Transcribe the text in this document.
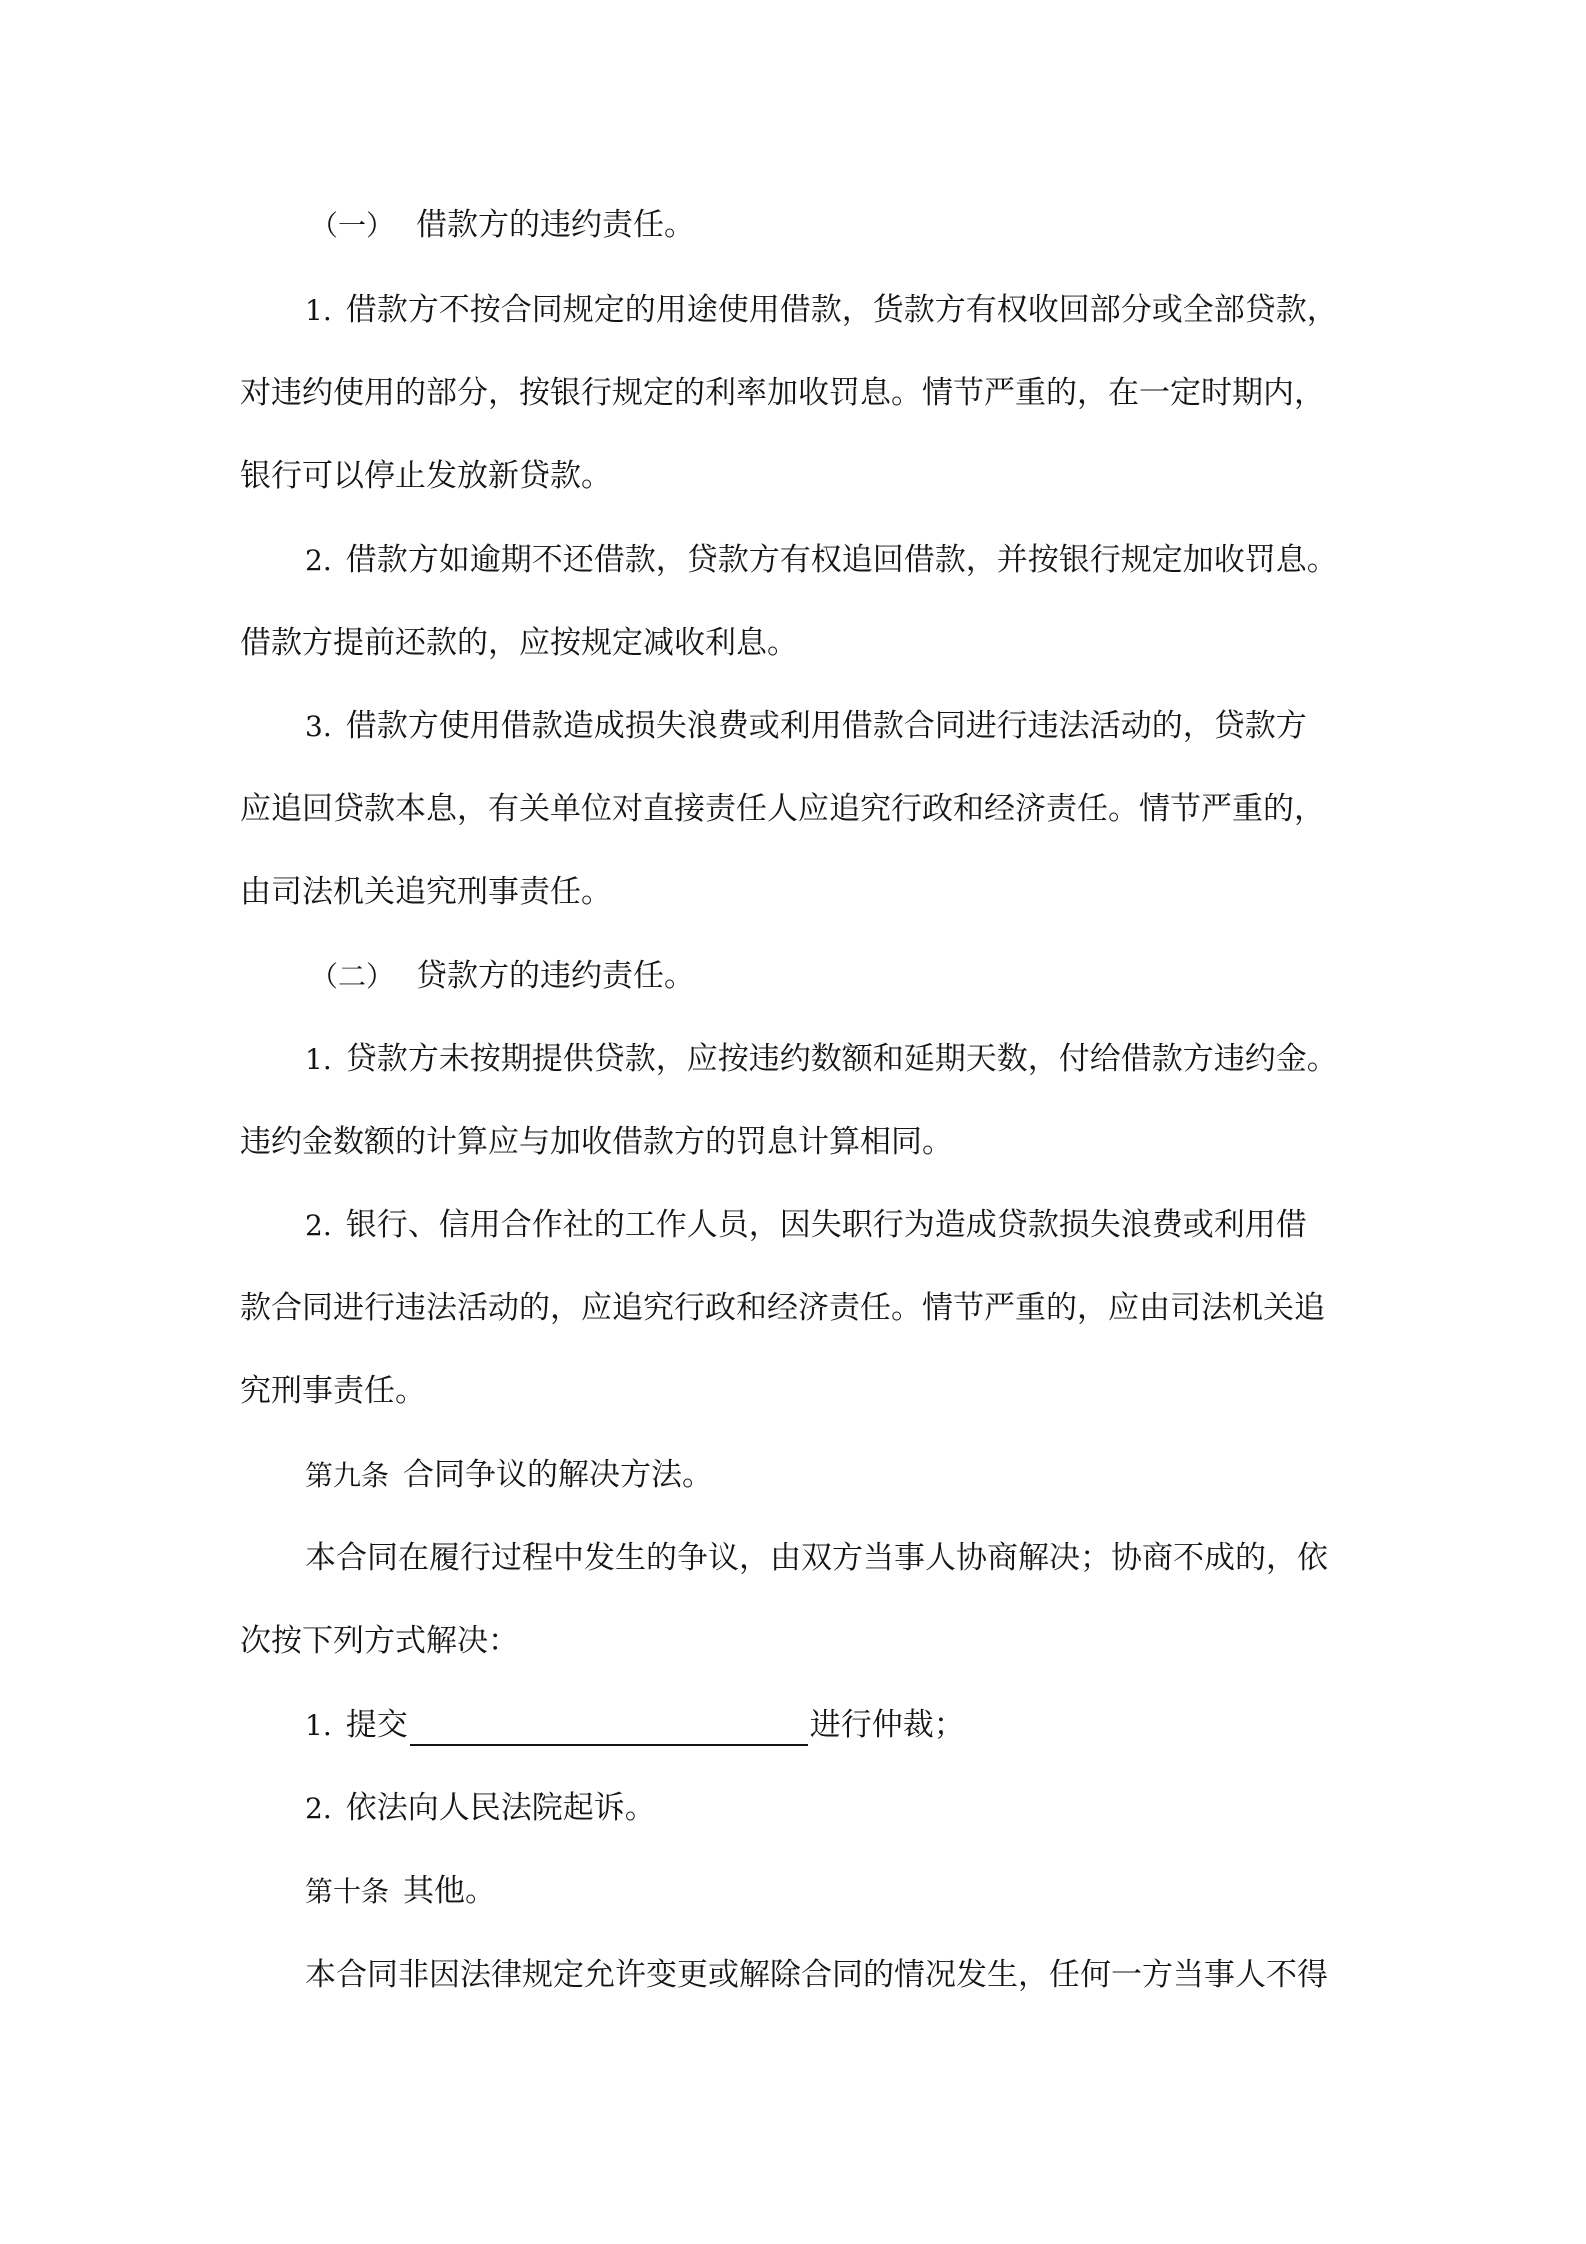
（一） 借款方的违约责任。
1. 借款方不按合同规定的用途使用借款，货款方有权收回部分或全部贷款，
对违约使用的部分，按银行规定的利率加收罚息。情节严重的，在一定时期内，
银行可以停止发放新贷款。
2. 借款方如逾期不还借款，贷款方有权追回借款，并按银行规定加收罚息。
借款方提前还款的，应按规定减收利息。
3. 借款方使用借款造成损失浪费或利用借款合同进行违法活动的，贷款方
应追回贷款本息，有关单位对直接责任人应追究行政和经济责任。情节严重的，
由司法机关追究刑事责任。
（二） 贷款方的违约责任。
1. 贷款方未按期提供贷款，应按违约数额和延期天数，付给借款方违约金。
违约金数额的计算应与加收借款方的罚息计算相同。
2. 银行、信用合作社的工作人员，因失职行为造成贷款损失浪费或利用借
款合同进行违法活动的，应追究行政和经济责任。情节严重的，应由司法机关追
究刑事责任。
第九条 合同争议的解决方法。
本合同在履行过程中发生的争议，由双方当事人协商解决；协商不成的，依
次按下列方式解决：
1. 提交	进行仲裁；
2. 依法向人民法院起诉。
第十条 其他。
本合同非因法律规定允许变更或解除合同的情况发生，任何一方当事人不得
